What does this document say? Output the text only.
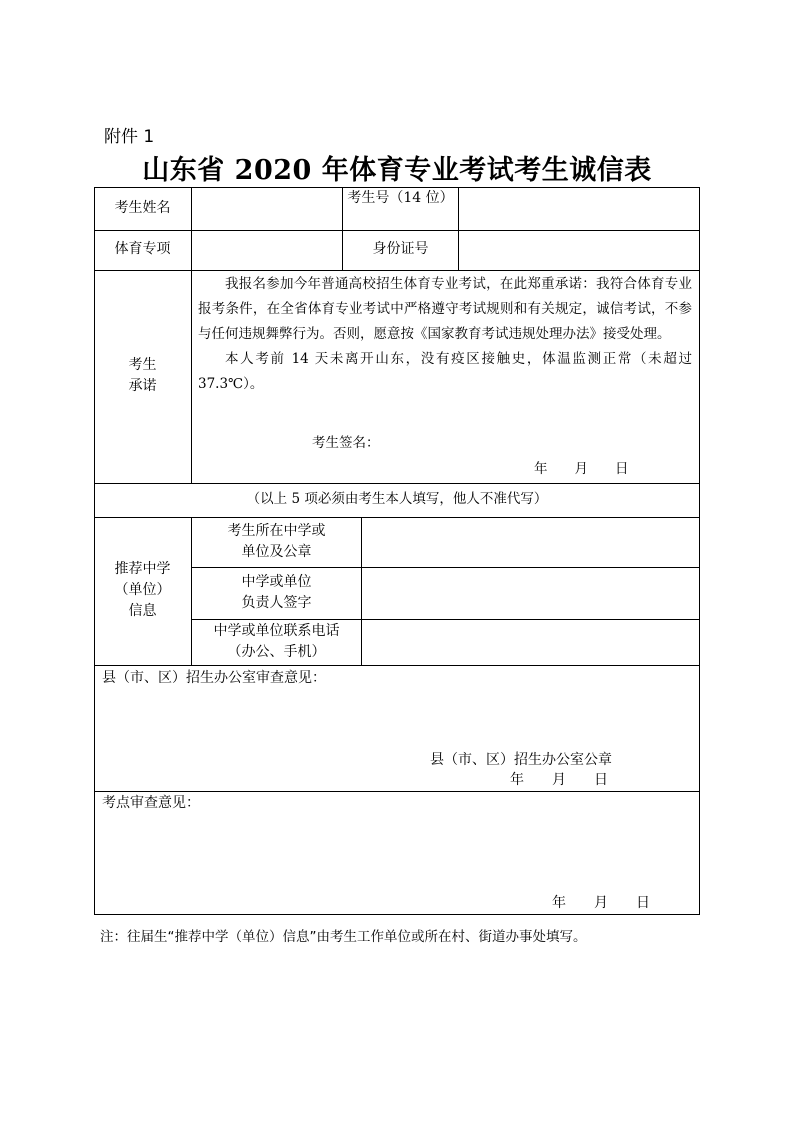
附件 1
山东省 2020 年体育专业考试考生诚信表
考生姓名
考生号（14 位）
体育专项	身份证号
考生
承诺

我报名参加今年普通高校招生体育专业考试，在此郑重承诺：我符合体育专业报考条件，在全省体育专业考试中严格遵守考试规则和有关规定，诚信考试，不参与任何违规舞弊行为。否则，愿意按《国家教育考试违规处理办法》接受处理。

本人考前 14 天未离开山东，没有疫区接触史，体温监测正常（未超过 37.3℃）。

考生签名：
年　　月　　日
（以上 5 项必须由考生本人填写，他人不准代写）
推荐中学
（单位）
信息
考生所在中学或
单位及公章
中学或单位
负责人签字
中学或单位联系电话
（办公、手机）
县（市、区）招生办公室审查意见：
县（市、区）招生办公室公章
年　　月　　日
考点审查意见：
年　　月　　日
注：往届生“推荐中学（单位）信息”由考生工作单位或所在村、街道办事处填写。
